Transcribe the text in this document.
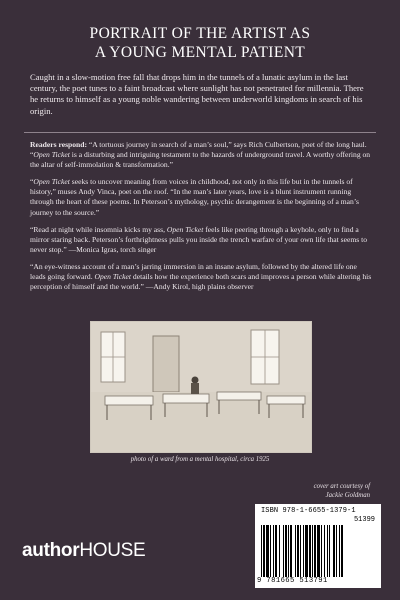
PORTRAIT OF THE ARTIST AS
A YOUNG MENTAL PATIENT
Caught in a slow-motion free fall that drops him in the tunnels of a lunatic asylum in the last century, the poet tunes to a faint broadcast where sunlight has not penetrated for millennia. There he returns to himself as a young noble wandering between underworld kingdoms in search of his origin.

Readers respond: “A tortuous journey in search of a man’s soul,” says Rich Culbertson, poet of the long haul. “Open Ticket is a disturbing and intriguing testament to the hazards of underground travel. A worthy offering on the altar of self-immolation & transformation.”

“Open Ticket seeks to uncover meaning from voices in childhood, not only in this life but in the tunnels of history,” muses Andy Vinca, poet on the roof. “In the man’s later years, love is a blunt instrument running through the heart of these poems. In Peterson’s mythology, psychic derangement is the beginning of a man’s journey to the source.”

“Read at night while insomnia kicks my ass, Open Ticket feels like peering through a keyhole, only to find a mirror staring back. Peterson’s forthrightness pulls you inside the trench warfare of your own life that seems to never stop.” —Monica Igras, torch singer

“An eye-witness account of a man’s jarring immersion in an insane asylum, followed by the altered life one leads going forward. Open Ticket details how the experience both scars and improves a person while altering his perception of himself and the world.” —Andy Kirol, high plains observer

photo of a ward from a mental hospital, circa 1925
cover art courtesy of
Jackie Goldman
authorHOUSE
ISBN 978-1-6655-1379-1
51399
9 781665 513791
